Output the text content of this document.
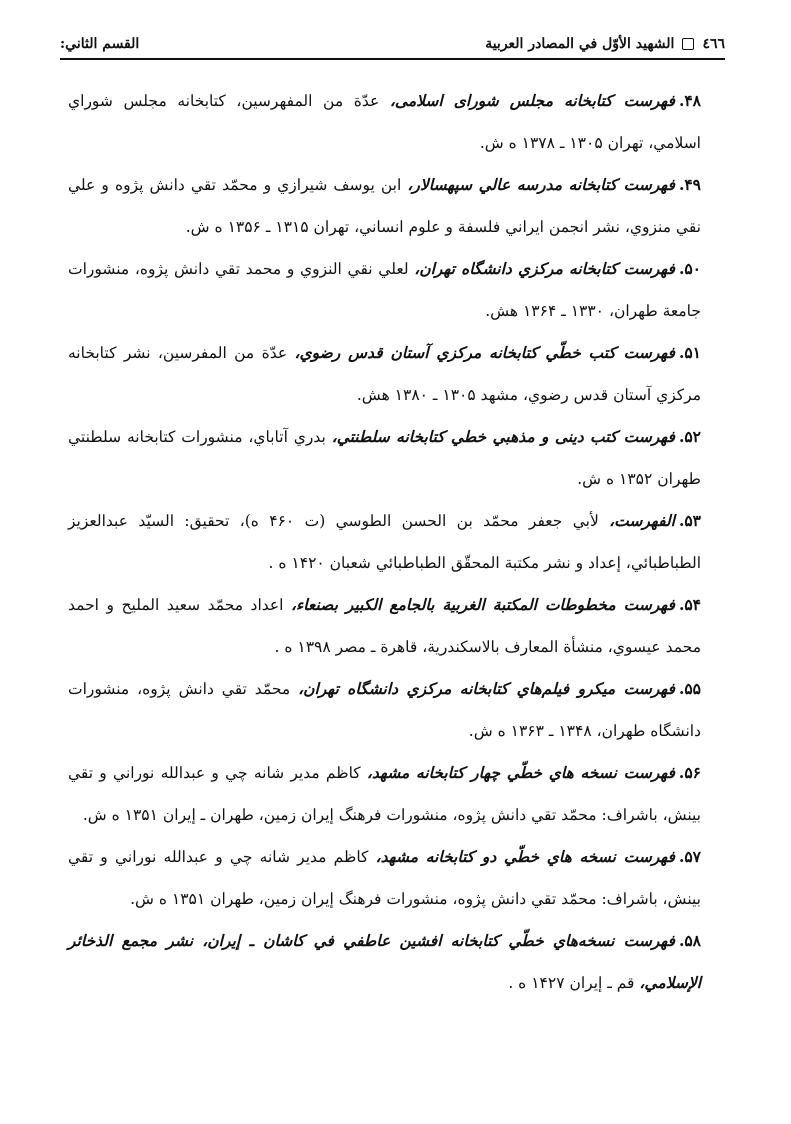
٤٦٦
الشهيد الأوّل في المصادر العربية
القسم الثاني:

۴۸.فهرست کتابخانه مجلس شوراى اسلامی، عدّة من المفهرسين، كتابخانه مجلس شوراي اسلامي، تهران ۱۳۰۵ ـ ۱۳۷۸ ه ش.

۴۹.فهرست کتابخانه مدرسه عالي سپهسالار، ابن يوسف شيرازي و محمّد تقي دانش پژوه و علي نقي منزوي، نشر انجمن ايراني فلسفة و علوم انساني، تهران ۱۳۱۵ ـ ۱۳۵۶ ه ش.

۵۰.فهرست کتابخانه مرکزي دانشگاه تهران، لعلي نقي النزوي و محمد تقي دانش پژوه، منشورات جامعة طهران، ۱۳۳۰ ـ ۱۳۶۴ هش.

۵۱.فهرست کتب خطّي کتابخانه مرکزي آستان قدس رضوي، عدّة من المفرسين، نشر كتابخانه مركزي آستان قدس رضوي، مشهد ۱۳۰۵ ـ ۱۳۸۰ هش.

۵۲.فهرست کتب دينى و مذهبي خطي کتابخانه سلطنتي، بدري آتاباي، منشورات كتابخانه سلطنتي طهران ۱۳۵۲ ه ش.

۵۳.الفهرست، لأبي جعفر محمّد بن الحسن الطوسي (ت ۴۶۰ ه)، تحقيق: السيّد عبدالعزيز الطباطبائي، إعداد و نشر مكتبة المحقّق الطباطبائي شعبان ۱۴۲۰ ه .

۵۴.فهرست مخطوطات المكتبة الغربية بالجامع الكبير بصنعاء، اعداد محمّد سعيد المليح و احمد محمد عيسوي، منشأة المعارف بالاسكندرية، قاهرة ـ مصر ۱۳۹۸ ه .

۵۵.فهرست ميكرو فيلم‌هاي کتابخانه مرکزي دانشگاه تهران، محمّد تقي دانش پژوه، منشورات دانشگاه طهران، ۱۳۴۸ ـ ۱۳۶۳ ه ش.

۵۶.فهرست نسخه هاي خطّي چهار کتابخانه مشهد، كاظم مدير شانه چي و عبدالله نوراني و تقي بينش، باشراف: محمّد تقي دانش پژوه، منشورات فرهنگ إيران زمين، طهران ـ إيران ۱۳۵۱ ه ش.

۵۷.فهرست نسخه هاي خطّي دو کتابخانه مشهد، كاظم مدير شانه چي و عبدالله نوراني و تقي بينش، باشراف: محمّد تقي دانش پژوه، منشورات فرهنگ إيران زمين، طهران ۱۳۵۱ ه ش.

۵۸.فهرست نسخه‌هاي خطّي کتابخانه افشين عاطفي في كاشان ـ إيران، نشر مجمع الذخائر الإسلامي، قم ـ إيران ۱۴۲۷ ه .
